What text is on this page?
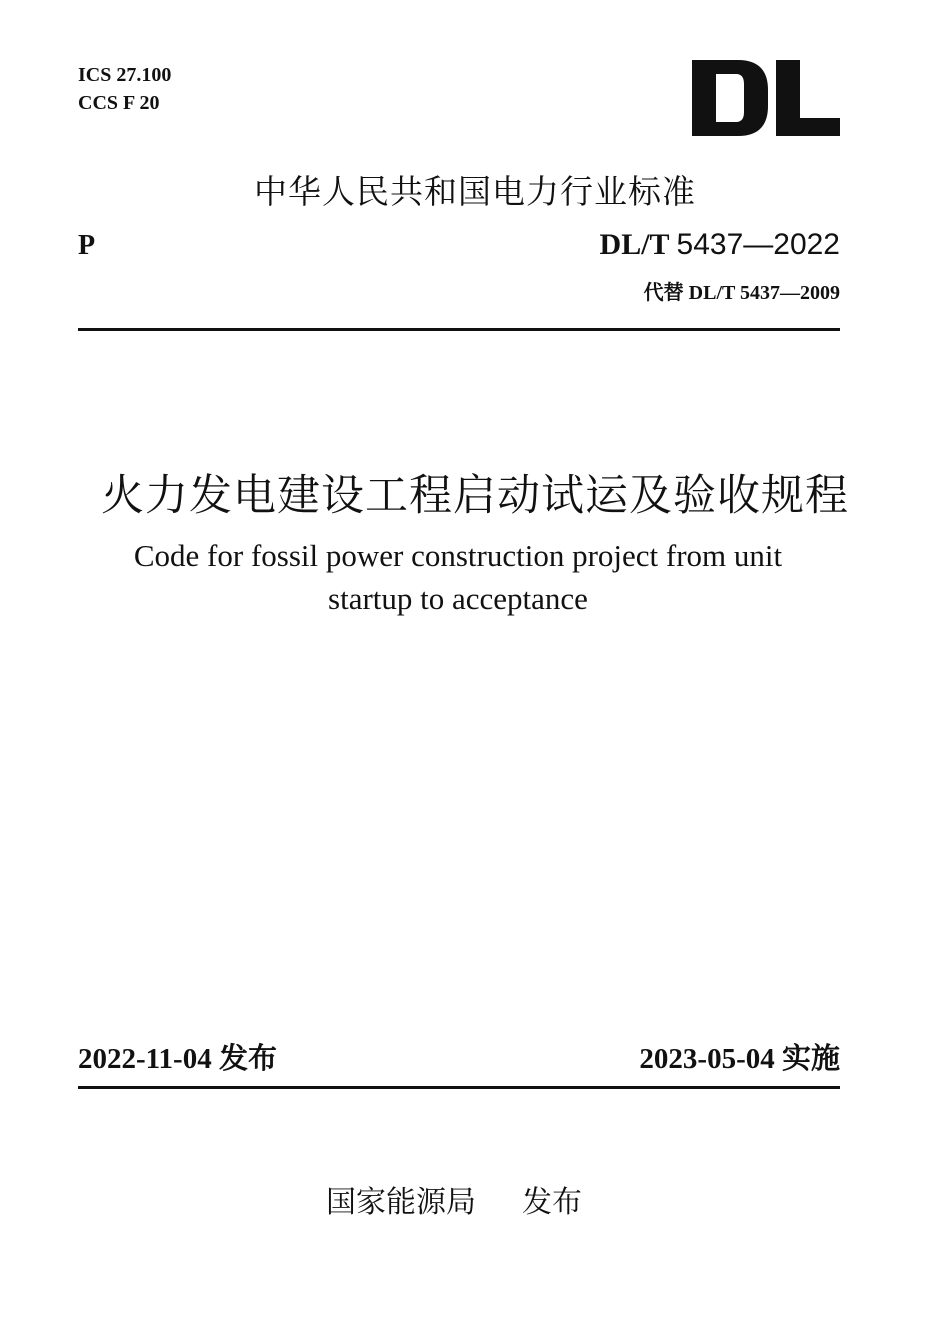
ICS 27.100
CCS F 20
中华人民共和国电力行业标准
P	DL/T 5437—2022
代替 DL/T 5437—2009
火力发电建设工程启动试运及验收规程
Code for fossil power construction project from unit
startup to acceptance
2022-11-04 发布	2023-05-04 实施
国家能源局 发布
